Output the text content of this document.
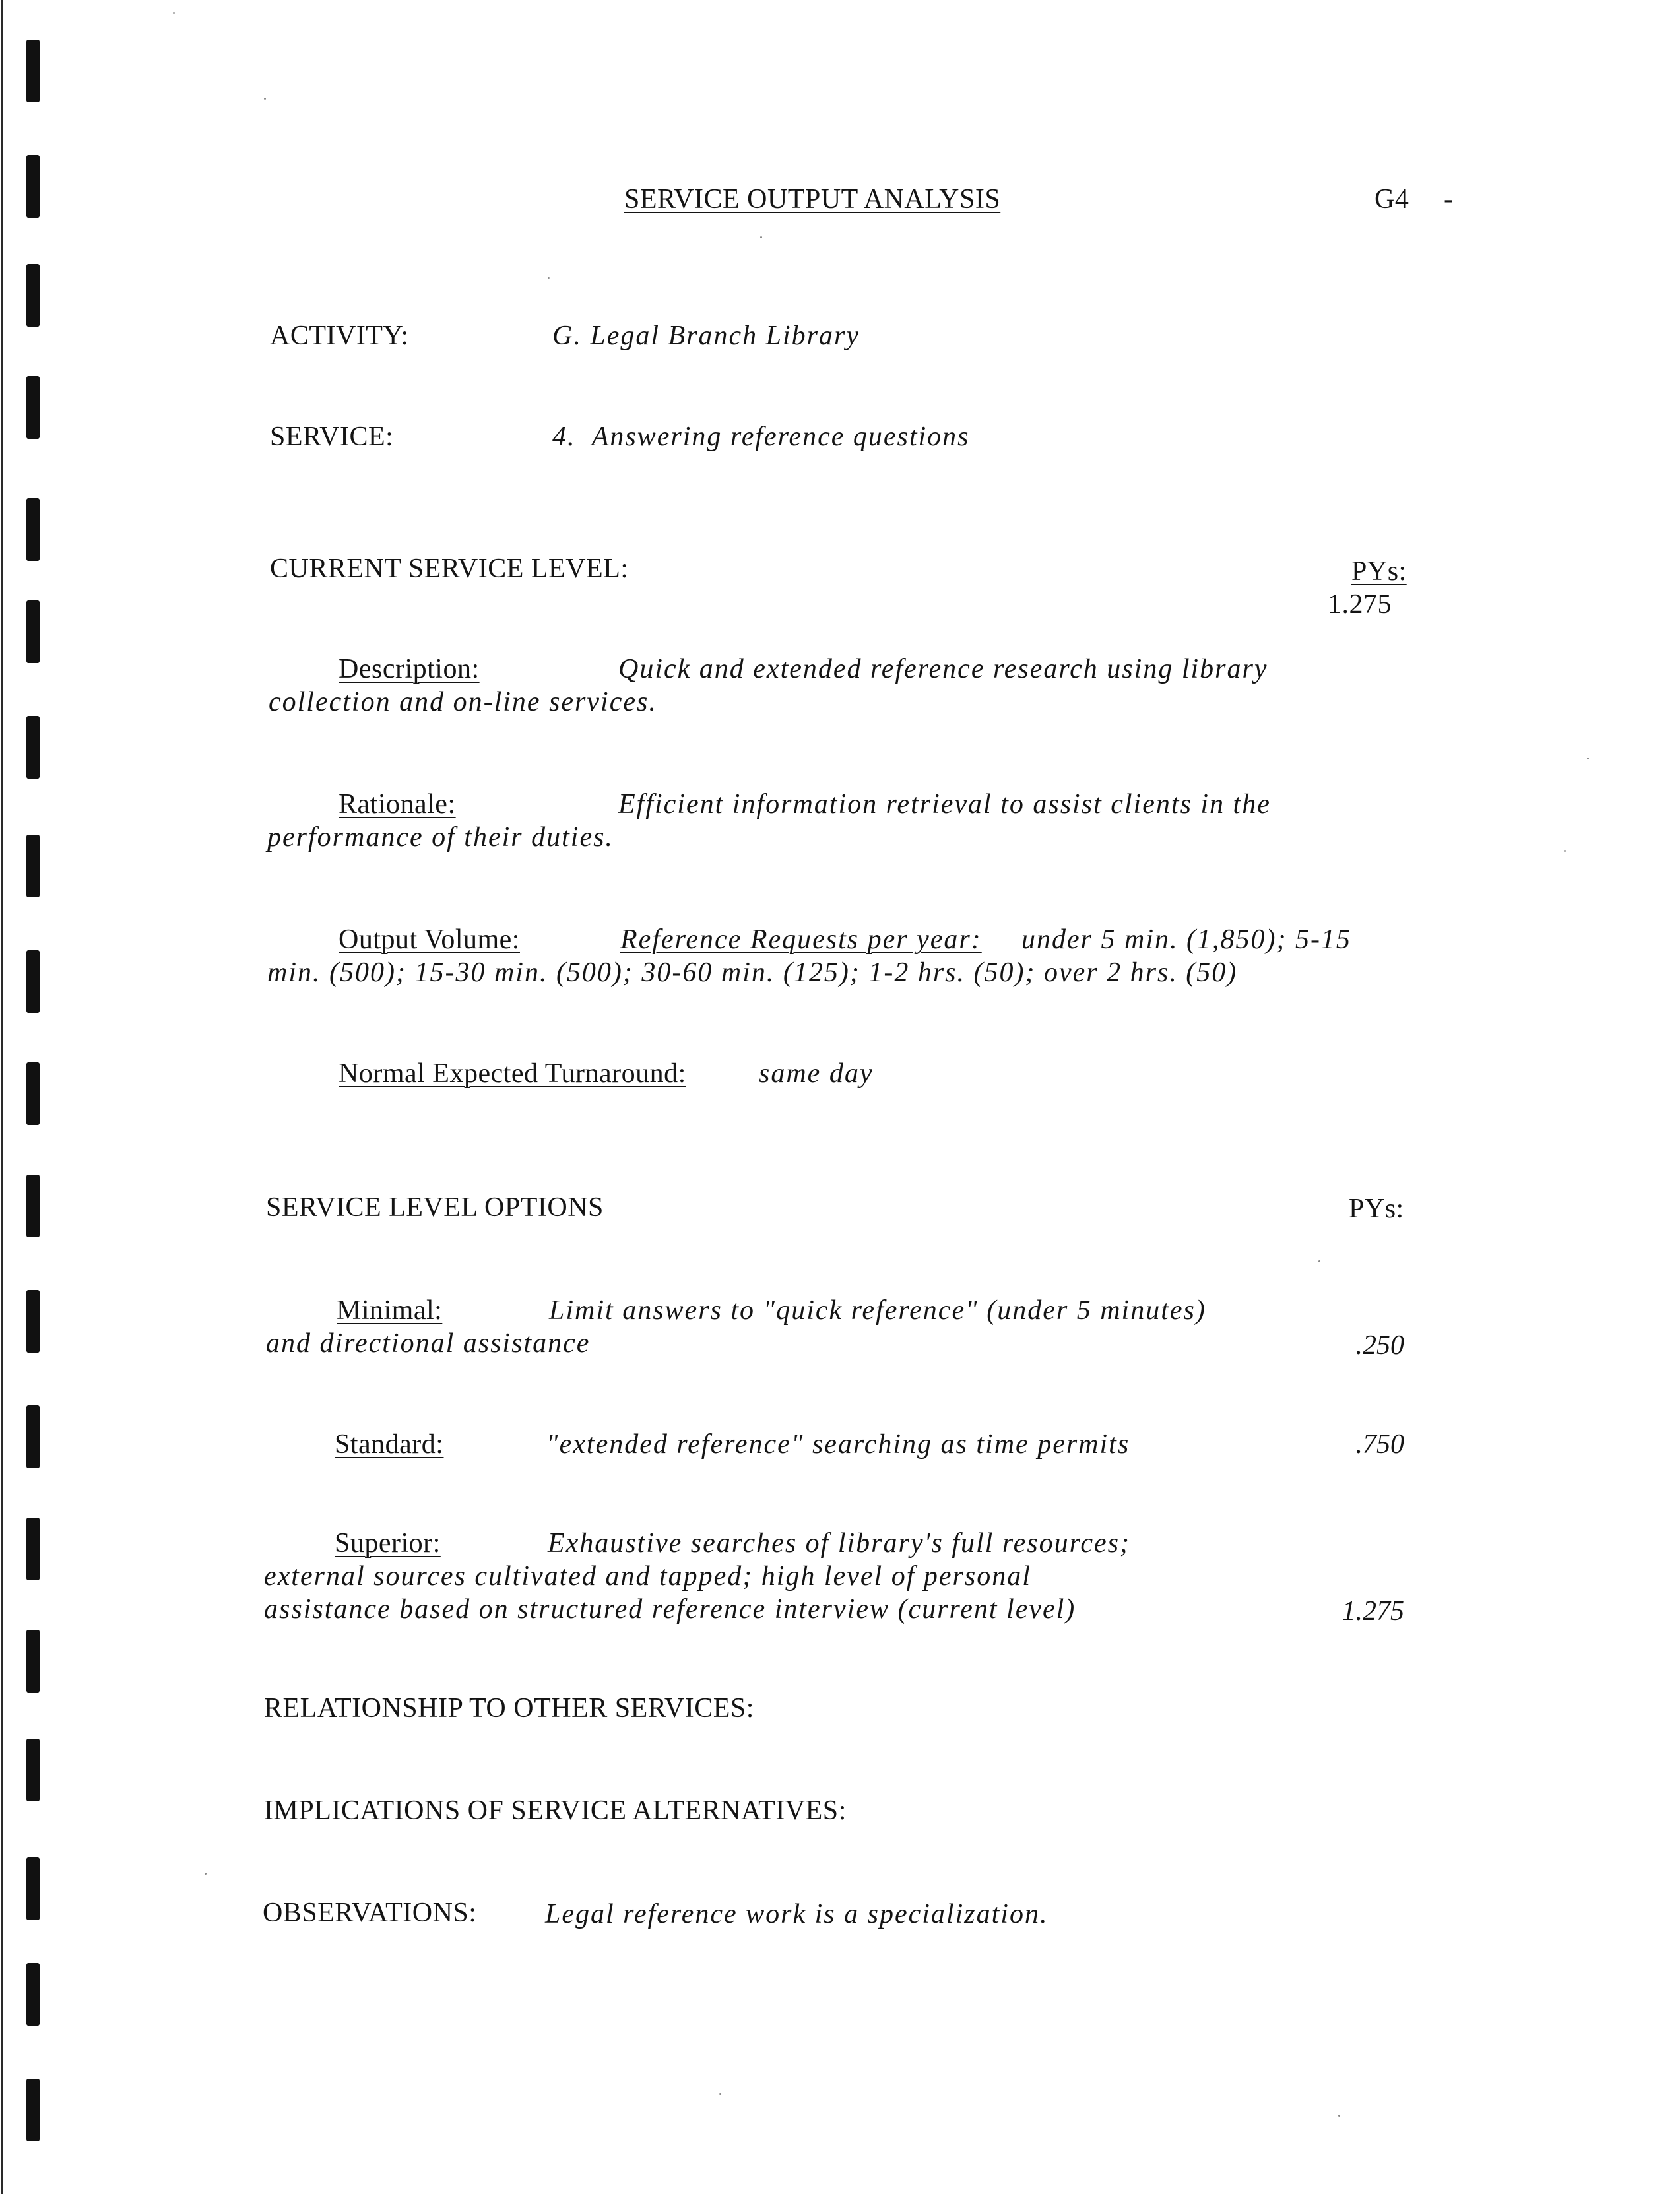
SERVICE OUTPUT ANALYSIS	G4 -
ACTIVITY:	G. Legal Branch Library
SERVICE:	4.  Answering reference questions
CURRENT SERVICE LEVEL:	PYs:
1.275
Description:	Quick and extended reference research using library
collection and on-line services.
Rationale:	Efficient information retrieval to assist clients in the
performance of their duties.
Output Volume:	Reference Requests per year: under 5 min. (1,850); 5-15
min. (500); 15-30 min. (500); 30-60 min. (125); 1-2 hrs. (50); over 2 hrs. (50)
Normal Expected Turnaround:	same day
SERVICE LEVEL OPTIONS	PYs:
Minimal:	Limit answers to "quick reference" (under 5 minutes)
and directional assistance	.250
Standard:	"extended reference" searching as time permits	.750
Superior:	Exhaustive searches of library's full resources;
external sources cultivated and tapped; high level of personal
assistance based on structured reference interview (current level)	1.275
RELATIONSHIP TO OTHER SERVICES:
IMPLICATIONS OF SERVICE ALTERNATIVES:
OBSERVATIONS: Legal reference work is a specialization.
